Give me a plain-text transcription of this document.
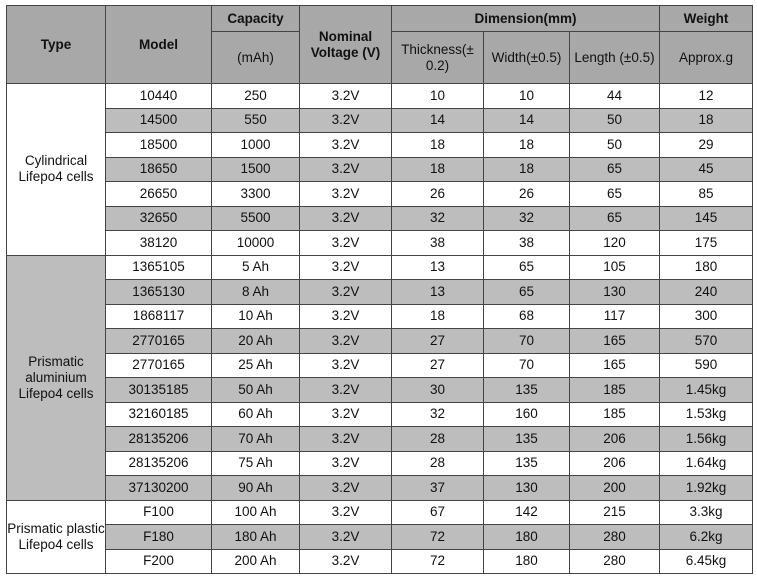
Type	Model	Capacity	Nominal Voltage (V)	Dimension(mm)			Weight
		(mAh)		Thickness(± 0.2)	Width(±0.5)	Length (±0.5)	Approx.g
Cylindrical Lifepo4 cells	10440	250	3.2V	10	10	44	12
	14500	550	3.2V	14	14	50	18
	18500	1000	3.2V	18	18	50	29
	18650	1500	3.2V	18	18	65	45
	26650	3300	3.2V	26	26	65	85
	32650	5500	3.2V	32	32	65	145
	38120	10000	3.2V	38	38	120	175
Prismatic aluminium Lifepo4 cells	1365105	5 Ah	3.2V	13	65	105	180
	1365130	8 Ah	3.2V	13	65	130	240
	1868117	10 Ah	3.2V	18	68	117	300
	2770165	20 Ah	3.2V	27	70	165	570
	2770165	25 Ah	3.2V	27	70	165	590
	30135185	50 Ah	3.2V	30	135	185	1.45kg
	32160185	60 Ah	3.2V	32	160	185	1.53kg
	28135206	70 Ah	3.2V	28	135	206	1.56kg
	28135206	75 Ah	3.2V	28	135	206	1.64kg
	37130200	90 Ah	3.2V	37	130	200	1.92kg
Prismatic plastic Lifepo4 cells	F100	100 Ah	3.2V	67	142	215	3.3kg
	F180	180 Ah	3.2V	72	180	280	6.2kg
	F200	200 Ah	3.2V	72	180	280	6.45kg
